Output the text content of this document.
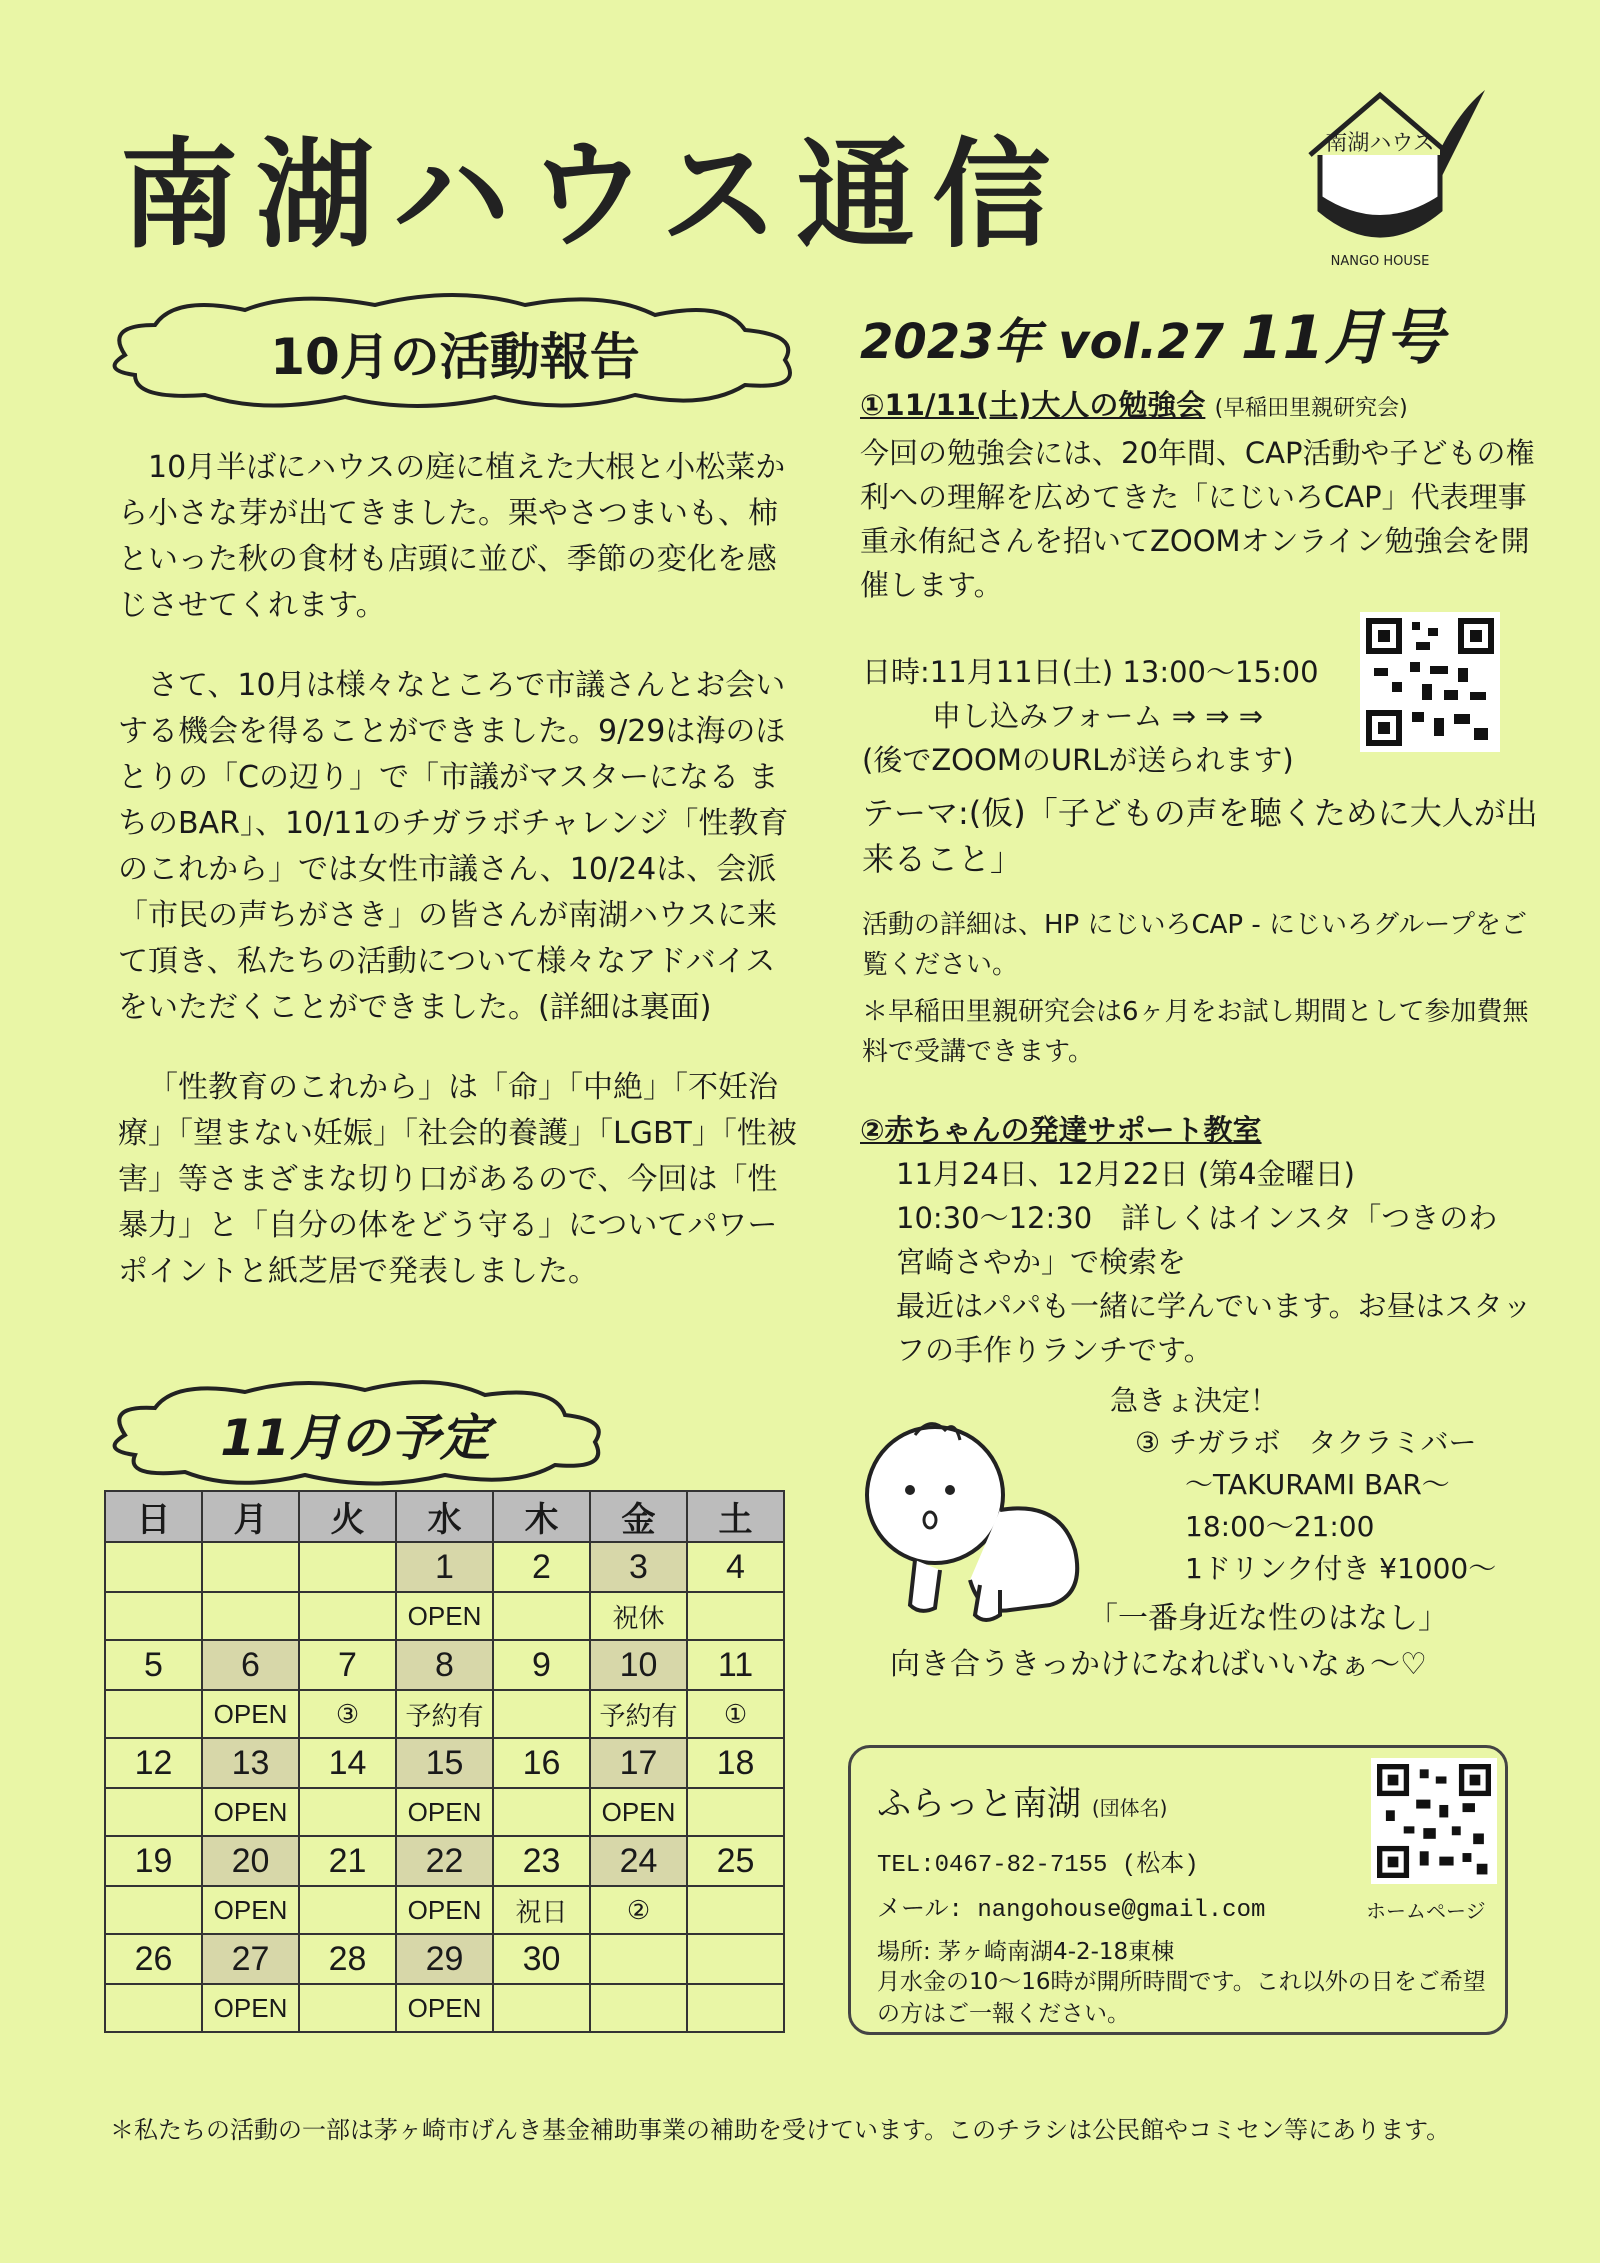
南湖ハウス通信	南湖ハウス
NANGO HOUSE
2023年 vol.27 11月号
10月の活動報告

10月半ばにハウスの庭に植えた大根と小松菜から小さな芽が出てきました。栗やさつまいも、柿といった秋の食材も店頭に並び、季節の変化を感じさせてくれます。

さて、10月は様々なところで市議さんとお会いする機会を得ることができました。9/29は海のほとりの「Cの辺り」で「市議がマスターになる まちのBAR」、10/11のチガラボチャレンジ「性教育のこれから」では女性市議さん、10/24は、会派「市民の声ちがさき」の皆さんが南湖ハウスに来て頂き、私たちの活動について様々なアドバイスをいただくことができました。(詳細は裏面)

「性教育のこれから」は「命」「中絶」「不妊治療」「望まない妊娠」「社会的養護」「LGBT」「性被害」等さまざまな切り口があるので、今回は「性暴力」と「自分の体をどう守る」についてパワーポイントと紙芝居で発表しました。

11月の予定
日	月	火	水	木	金	土
			1	2	3	4
			OPEN		祝休	
5	6	7	8	9	10	11
	OPEN	③	予約有		予約有	①
12	13	14	15	16	17	18
	OPEN		OPEN		OPEN	
19	20	21	22	23	24	25
	OPEN		OPEN	祝日	②	
26	27	28	29	30		
	OPEN		OPEN			
①11/11(土)大人の勉強会 (早稲田里親研究会)
今回の勉強会には、20年間、CAP活動や子どもの権利への理解を広めてきた「にじいろCAP」代表理事 重永侑紀さんを招いてZOOMオンライン勉強会を開催します。
日時:11月11日(土) 13:00～15:00
申し込みフォーム ⇒ ⇒ ⇒
(後でZOOMのURLが送られます)
テーマ:(仮)「子どもの声を聴くために大人が出来ること」
活動の詳細は、HP にじいろCAP - にじいろグループをご覧ください。
＊早稲田里親研究会は6ヶ月をお試し期間として参加費無料で受講できます。
②赤ちゃんの発達サポート教室
11月24日、12月22日 (第4金曜日)
10:30～12:30　詳しくはインスタ「つきのわ　宮崎さやか」で検索を
最近はパパも一緒に学んでいます。お昼はスタッフの手作りランチです。
急きょ決定！
③ チガラボ　タクラミバー
～TAKURAMI BAR～
18:00～21:00
1ドリンク付き ¥1000～
「一番身近な性のはなし」
向き合うきっかけになればいいなぁ～♡
ふらっと南湖 (団体名)
TEL:0467-82-7155 (松本)
メール: nangohouse@gmail.com
場所: 茅ヶ崎南湖4-2-18東棟
月水金の10～16時が開所時間です。これ以外の日をご希望の方はご一報ください。
ホームページ
＊私たちの活動の一部は茅ヶ崎市げんき基金補助事業の補助を受けています。このチラシは公民館やコミセン等にあります。
